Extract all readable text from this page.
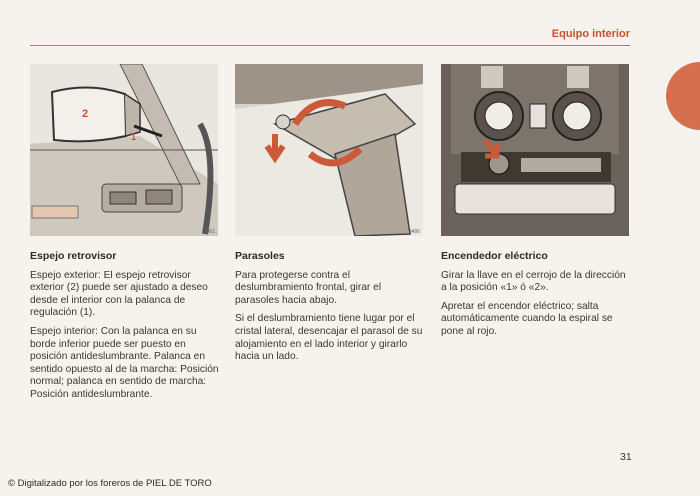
Equipo interior
2
1
7961	8486	8573
Espejo retrovisor

Espejo exterior: El espejo retrovisor exterior (2) puede ser ajustado a deseo desde el interior con la palanca de regulación (1).

Espejo interior: Con la palanca en su borde inferior puede ser puesto en posición antideslumbrante. Palanca en sentido opuesto al de la marcha: Posición normal; palanca en sentido de marcha: Posición antideslumbrante.

Parasoles

Para protegerse contra el deslumbramiento frontal, girar el parasoles hacia abajo.

Si el deslumbramiento tiene lugar por el cristal lateral, desencajar el parasol de su alojamiento en el lado interior y girarlo hacia un lado.

Encendedor eléctrico

Girar la llave en el cerrojo de la dirección a la posición «1» ó «2».

Apretar el encendor eléctrico; salta automáticamente cuando la espiral se pone al rojo.

31
© Digitalizado por los foreros de PIEL DE TORO
